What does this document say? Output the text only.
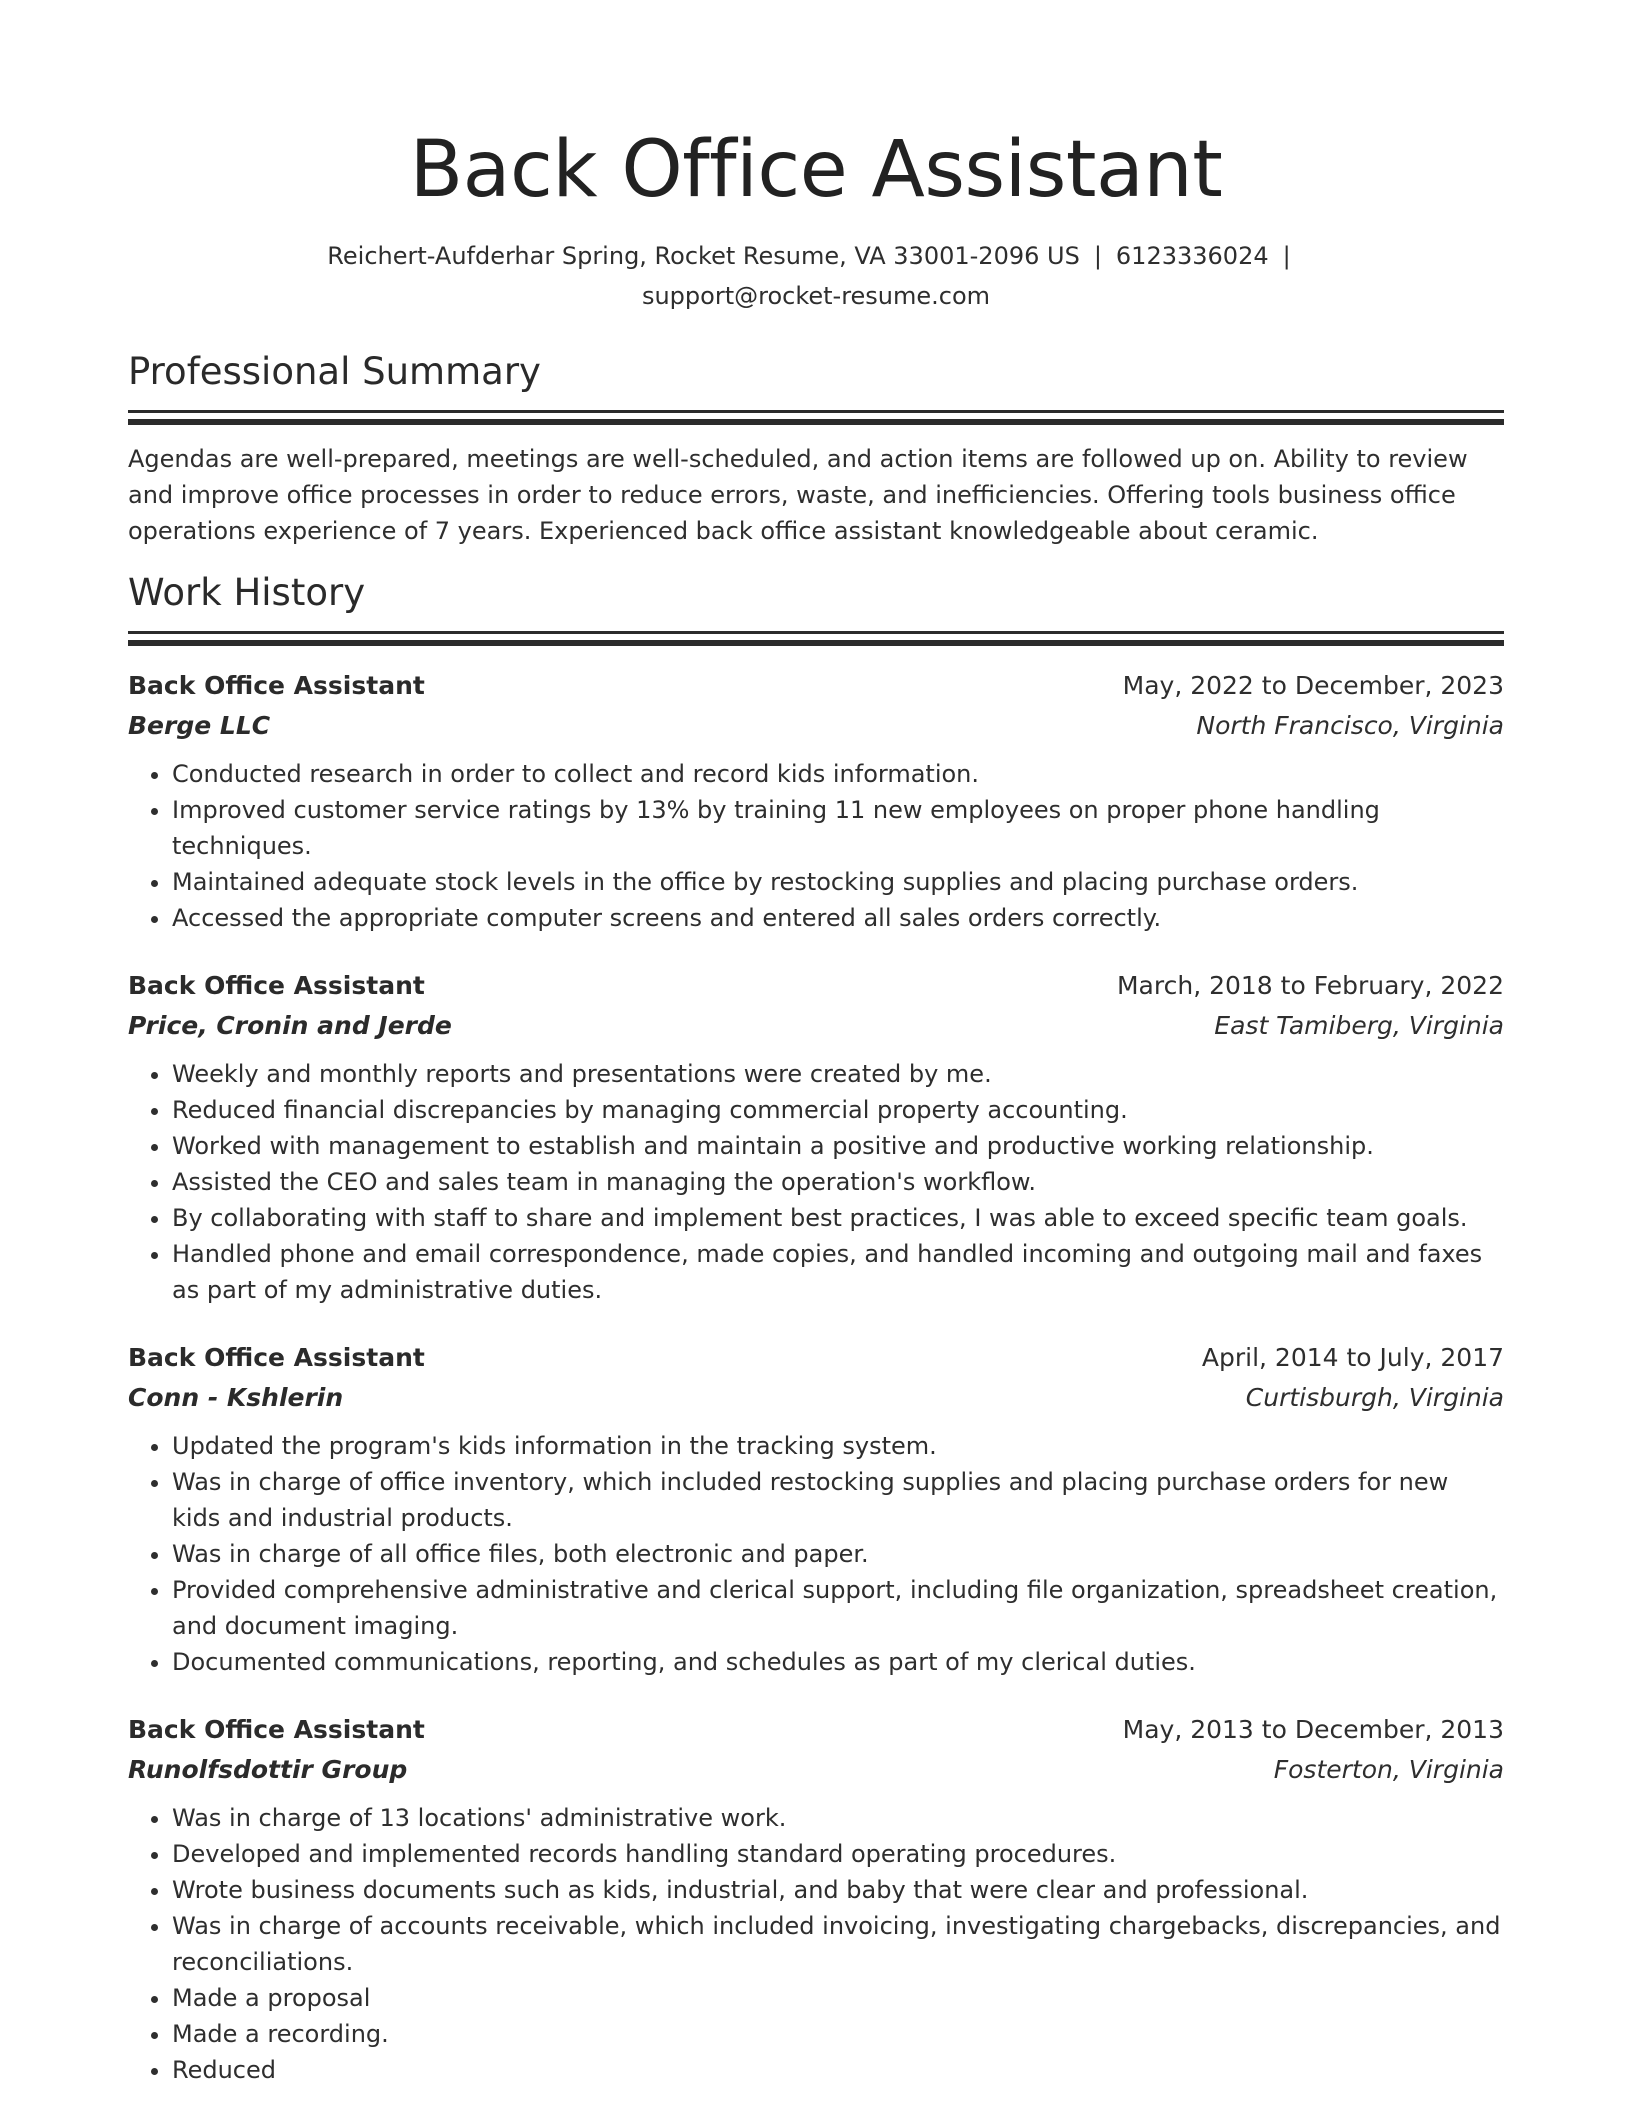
Back Office Assistant
Reichert-Aufderhar Spring, Rocket Resume, VA 33001-2096 US | 6123336024 |
support@rocket-resume.com
Professional Summary

Agendas are well-prepared, meetings are well-scheduled, and action items are followed up on. Ability to review and improve office processes in order to reduce errors, waste, and inefficiencies. Offering tools business office operations experience of 7 years. Experienced back office assistant knowledgeable about ceramic.

Work History
Back Office Assistant	May, 2022 to December, 2023
Berge LLC	North Francisco, Virginia
• Conducted research in order to collect and record kids information.
• Improved customer service ratings by 13% by training 11 new employees on proper phone handling techniques.
• Maintained adequate stock levels in the office by restocking supplies and placing purchase orders.
• Accessed the appropriate computer screens and entered all sales orders correctly.
Back Office Assistant	March, 2018 to February, 2022
Price, Cronin and Jerde	East Tamiberg, Virginia
• Weekly and monthly reports and presentations were created by me.
• Reduced financial discrepancies by managing commercial property accounting.
• Worked with management to establish and maintain a positive and productive working relationship.
• Assisted the CEO and sales team in managing the operation's workflow.
• By collaborating with staff to share and implement best practices, I was able to exceed specific team goals.
• Handled phone and email correspondence, made copies, and handled incoming and outgoing mail and faxes as part of my administrative duties.
Back Office Assistant	April, 2014 to July, 2017
Conn - Kshlerin	Curtisburgh, Virginia
• Updated the program's kids information in the tracking system.
• Was in charge of office inventory, which included restocking supplies and placing purchase orders for new kids and industrial products.
• Was in charge of all office files, both electronic and paper.
• Provided comprehensive administrative and clerical support, including file organization, spreadsheet creation, and document imaging.
• Documented communications, reporting, and schedules as part of my clerical duties.
Back Office Assistant	May, 2013 to December, 2013
Runolfsdottir Group	Fosterton, Virginia
• Was in charge of 13 locations' administrative work.
• Developed and implemented records handling standard operating procedures.
• Wrote business documents such as kids, industrial, and baby that were clear and professional.
• Was in charge of accounts receivable, which included invoicing, investigating chargebacks, discrepancies, and reconciliations.
• Made a proposal
• Made a recording.
• Reduced
